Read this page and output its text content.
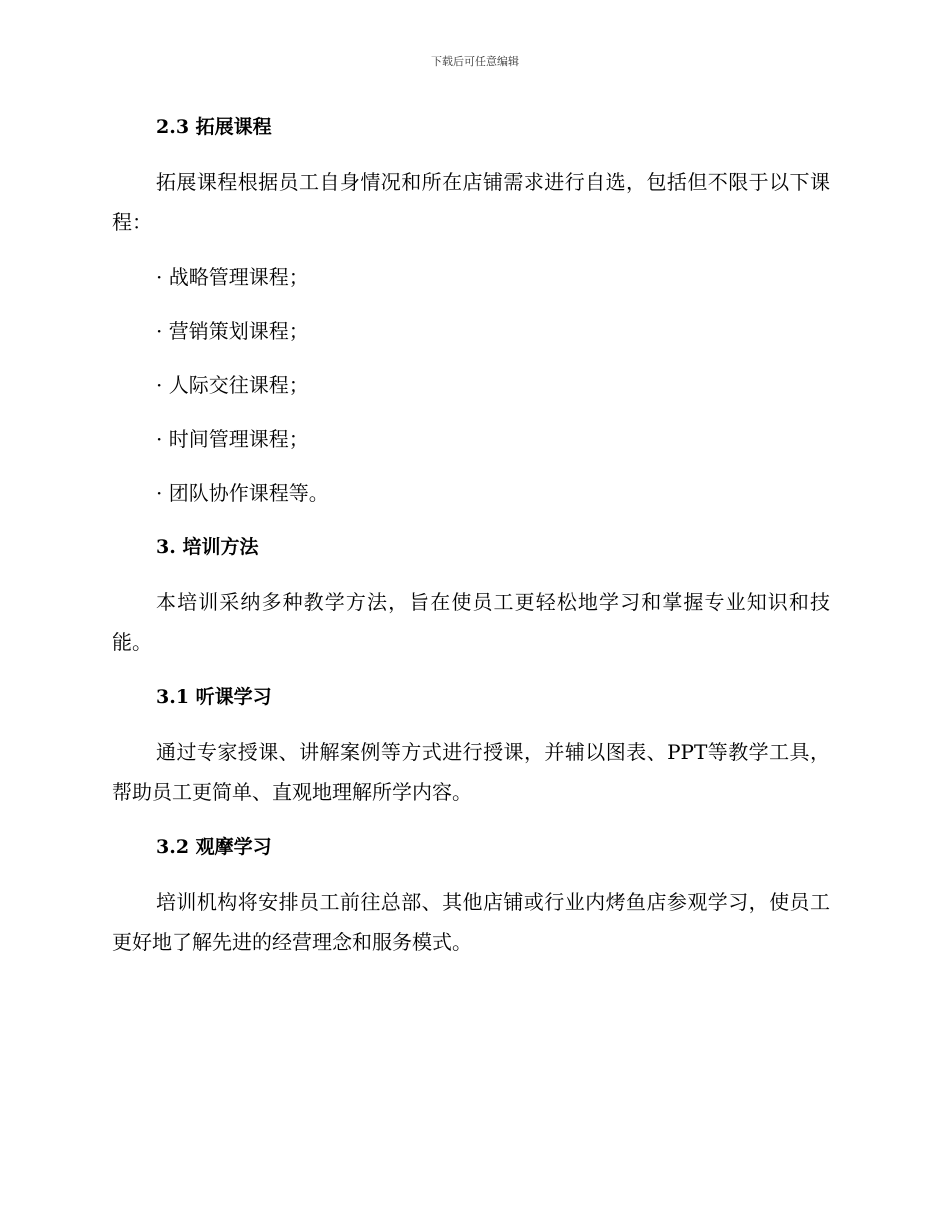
下载后可任意编辑
2.3 拓展课程

拓展课程根据员工自身情况和所在店铺需求进行自选，包括但不限于以下课程：

· 战略管理课程；
· 营销策划课程；
· 人际交往课程；
· 时间管理课程；
· 团队协作课程等。
3. 培训方法

本培训采纳多种教学方法，旨在使员工更轻松地学习和掌握专业知识和技能。

3.1 听课学习

通过专家授课、讲解案例等方式进行授课，并辅以图表、PPT等教学工具，帮助员工更简单、直观地理解所学内容。

3.2 观摩学习

培训机构将安排员工前往总部、其他店铺或行业内烤鱼店参观学习，使员工更好地了解先进的经营理念和服务模式。
